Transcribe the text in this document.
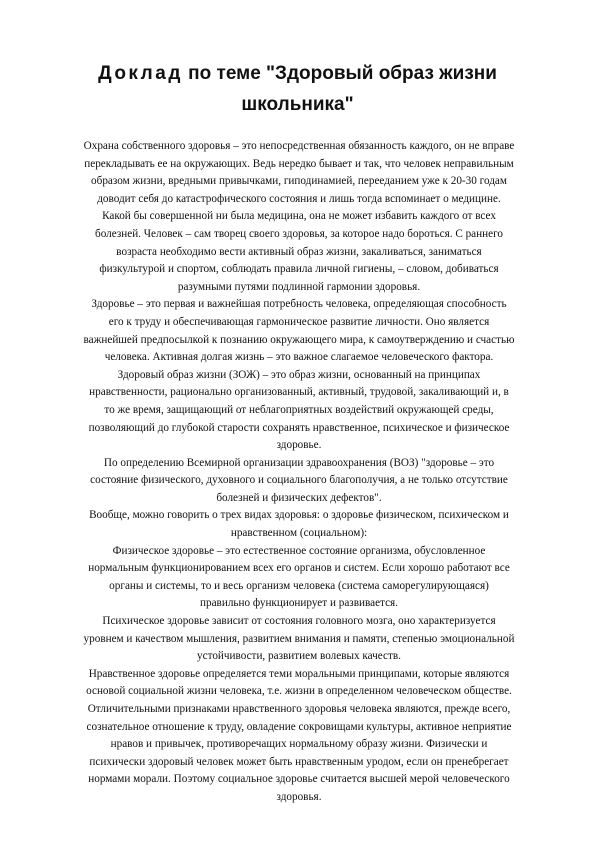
Доклад по теме "Здоровый образ жизни
школьника"

Охрана собственного здоровья – это непосредственная обязанность каждого, он не вправе перекладывать ее на окружающих. Ведь нередко бывает и так, что человек неправильным образом жизни, вредными привычками, гиподинамией, перееданием уже к 20-30 годам доводит себя до катастрофического состояния и лишь тогда вспоминает о медицине.

Какой бы совершенной ни была медицина, она не может избавить каждого от всех болезней. Человек – сам творец своего здоровья, за которое надо бороться. С раннего возраста необходимо вести активный образ жизни, закаливаться, заниматься физкультурой и спортом, соблюдать правила личной гигиены, – словом, добиваться разумными путями подлинной гармонии здоровья.

Здоровье – это первая и важнейшая потребность человека, определяющая способность его к труду и обеспечивающая гармоническое развитие личности. Оно является важнейшей предпосылкой к познанию окружающего мира, к самоутверждению и счастью человека. Активная долгая жизнь – это важное слагаемое человеческого фактора.

Здоровый образ жизни (ЗОЖ) – это образ жизни, основанный на принципах нравственности, рационально организованный, активный, трудовой, закаливающий и, в то же время, защищающий от неблагоприятных воздействий окружающей среды, позволяющий до глубокой старости сохранять нравственное, психическое и физическое здоровье.

По определению Всемирной организации здравоохранения (ВОЗ) "здоровье – это состояние физического, духовного и социального благополучия, а не только отсутствие болезней и физических дефектов".

Вообще, можно говорить о трех видах здоровья: о здоровье физическом, психическом и нравственном (социальном):

Физическое здоровье – это естественное состояние организма, обусловленное нормальным функционированием всех его органов и систем. Если хорошо работают все органы и системы, то и весь организм человека (система саморегулирующаяся) правильно функционирует и развивается.

Психическое здоровье зависит от состояния головного мозга, оно характеризуется уровнем и качеством мышления, развитием внимания и памяти, степенью эмоциональной устойчивости, развитием волевых качеств.

Нравственное здоровье определяется теми моральными принципами, которые являются основой социальной жизни человека, т.е. жизни в определенном человеческом обществе. Отличительными признаками нравственного здоровья человека являются, прежде всего, сознательное отношение к труду, овладение сокровищами культуры, активное неприятие нравов и привычек, противоречащих нормальному образу жизни. Физически и психически здоровый человек может быть нравственным уродом, если он пренебрегает нормами морали. Поэтому социальное здоровье считается высшей мерой человеческого здоровья.
